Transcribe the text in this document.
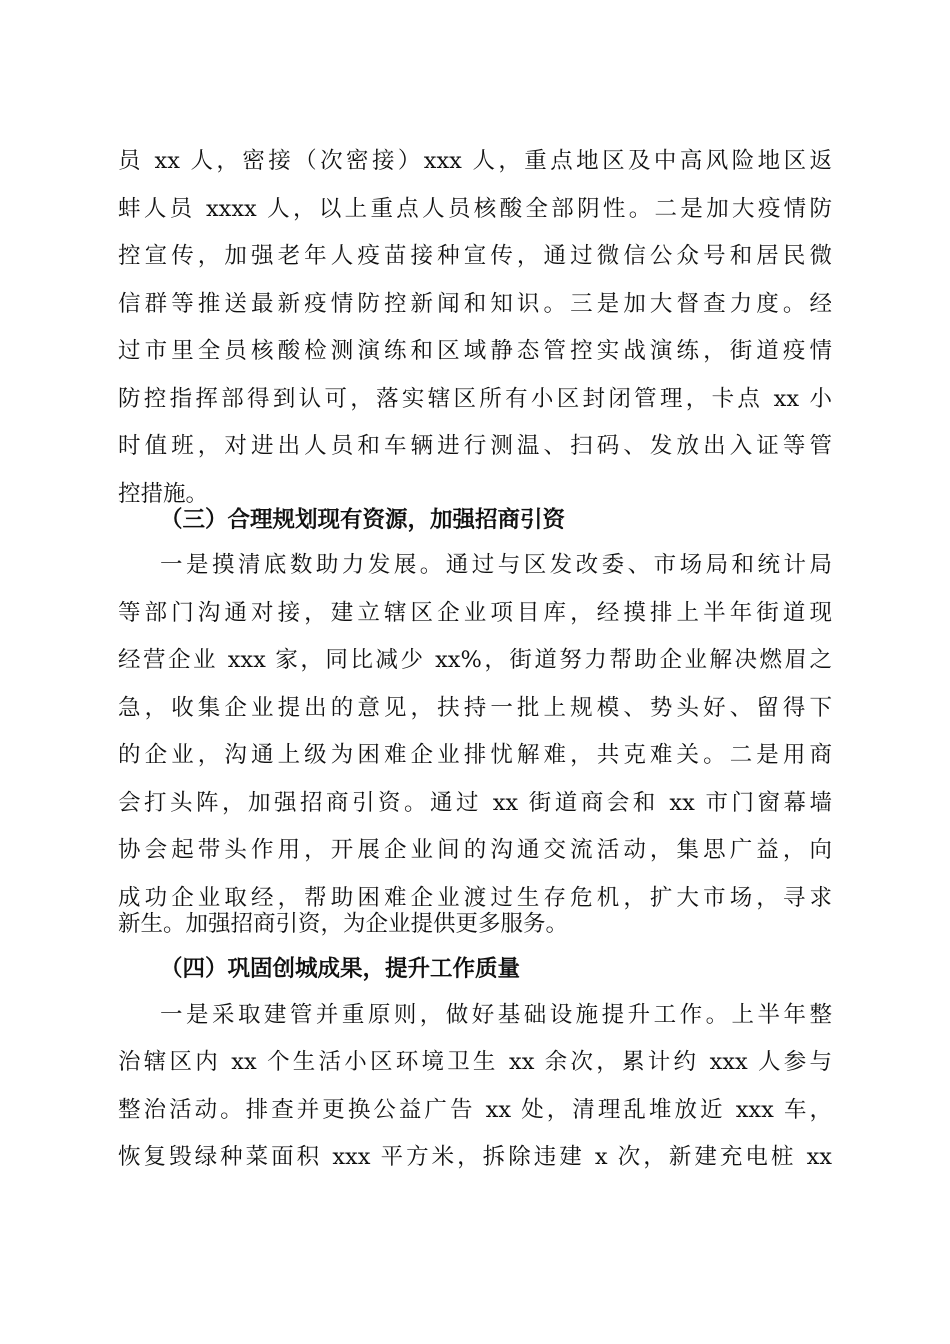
员 xx 人，密接（次密接）xxx 人，重点地区及中高风险地区返
蚌人员 xxxx 人，以上重点人员核酸全部阴性。二是加大疫情防
控宣传，加强老年人疫苗接种宣传，通过微信公众号和居民微
信群等推送最新疫情防控新闻和知识。三是加大督查力度。经
过市里全员核酸检测演练和区域静态管控实战演练，街道疫情
防控指挥部得到认可，落实辖区所有小区封闭管理，卡点 xx 小
时值班，对进出人员和车辆进行测温、扫码、发放出入证等管
控措施。
（三）合理规划现有资源，加强招商引资
一是摸清底数助力发展。通过与区发改委、市场局和统计局
等部门沟通对接，建立辖区企业项目库，经摸排上半年街道现
经营企业 xxx 家，同比减少 xx%，街道努力帮助企业解决燃眉之
急，收集企业提出的意见，扶持一批上规模、势头好、留得下
的企业，沟通上级为困难企业排忧解难，共克难关。二是用商
会打头阵，加强招商引资。通过 xx 街道商会和 xx 市门窗幕墙
协会起带头作用，开展企业间的沟通交流活动，集思广益，向
成功企业取经，帮助困难企业渡过生存危机，扩大市场，寻求
新生。加强招商引资，为企业提供更多服务。
（四）巩固创城成果，提升工作质量
一是采取建管并重原则，做好基础设施提升工作。上半年整
治辖区内 xx 个生活小区环境卫生 xx 余次，累计约 xxx 人参与
整治活动。排查并更换公益广告 xx 处，清理乱堆放近 xxx 车，
恢复毁绿种菜面积 xxx 平方米，拆除违建 x 次，新建充电桩 xx
